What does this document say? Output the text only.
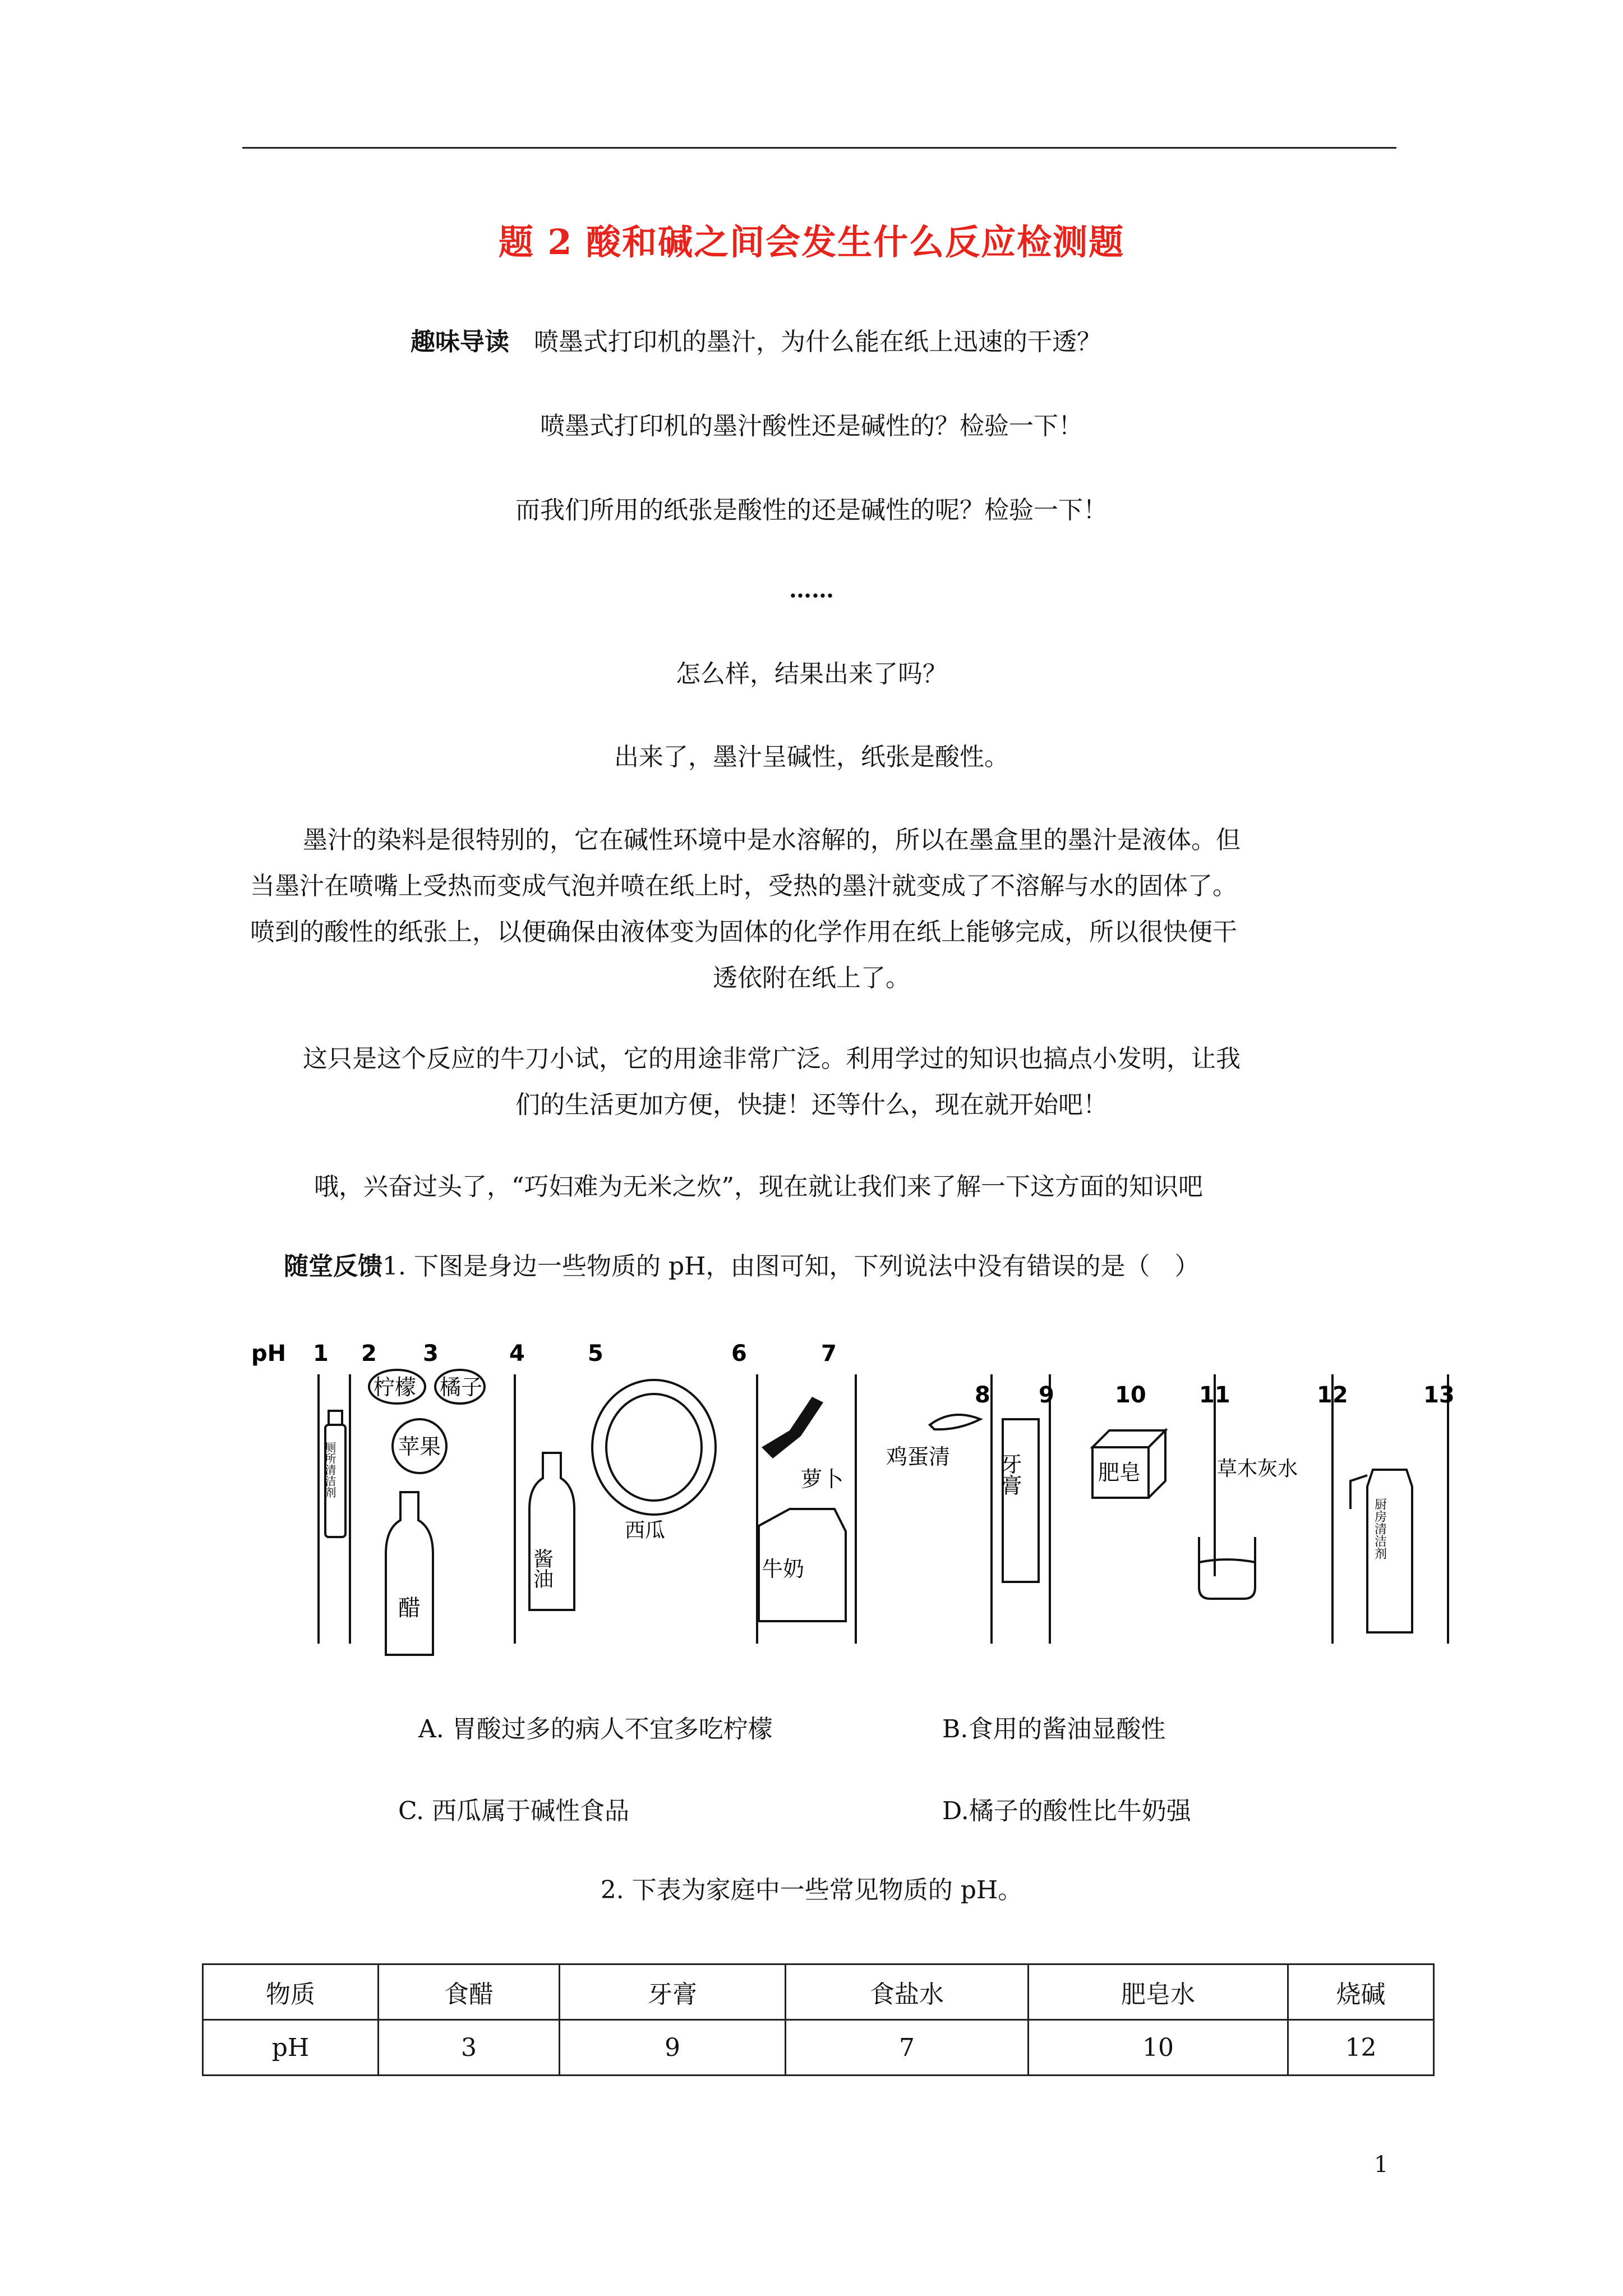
题 2 酸和碱之间会发生什么反应检测题
趣味导读　 喷墨式打印机的墨汁，为什么能在纸上迅速的干透？
喷墨式打印机的墨汁酸性还是碱性的？检验一下！
而我们所用的纸张是酸性的还是碱性的呢？检验一下！
……
怎么样，结果出来了吗？
出来了，墨汁呈碱性，纸张是酸性。
墨汁的染料是很特别的，它在碱性环境中是水溶解的，所以在墨盒里的墨汁是液体。但
当墨汁在喷嘴上受热而变成气泡并喷在纸上时，受热的墨汁就变成了不溶解与水的固体了。
喷到的酸性的纸张上，以便确保由液体变为固体的化学作用在纸上能够完成，所以很快便干
透依附在纸上了。
这只是这个反应的牛刀小试，它的用途非常广泛。利用学过的知识也搞点小发明，让我
们的生活更加方便，快捷！还等什么，现在就开始吧！
哦，兴奋过头了，“巧妇难为无米之炊”，现在就让我们来了解一下这方面的知识吧
随堂反馈1. 下图是身边一些物质的 pH，由图可知，下列说法中没有错误的是（　）
pH 1 2 3	4	5	6	7
8 9	10 11	12	13
厕所清洁剂
柠檬 橘子
苹果
醋
酱油
西瓜
萝卜
牛奶
鸡蛋清 牙膏	肥皂	草木灰水
厨房清洁剂
A. 胃酸过多的病人不宜多吃柠檬	B.食用的酱油显酸性
C. 西瓜属于碱性食品	D.橘子的酸性比牛奶强
2. 下表为家庭中一些常见物质的 pH。
物质	食醋	牙膏	食盐水	肥皂水	烧碱
pH	3	9	7	10	12
1
